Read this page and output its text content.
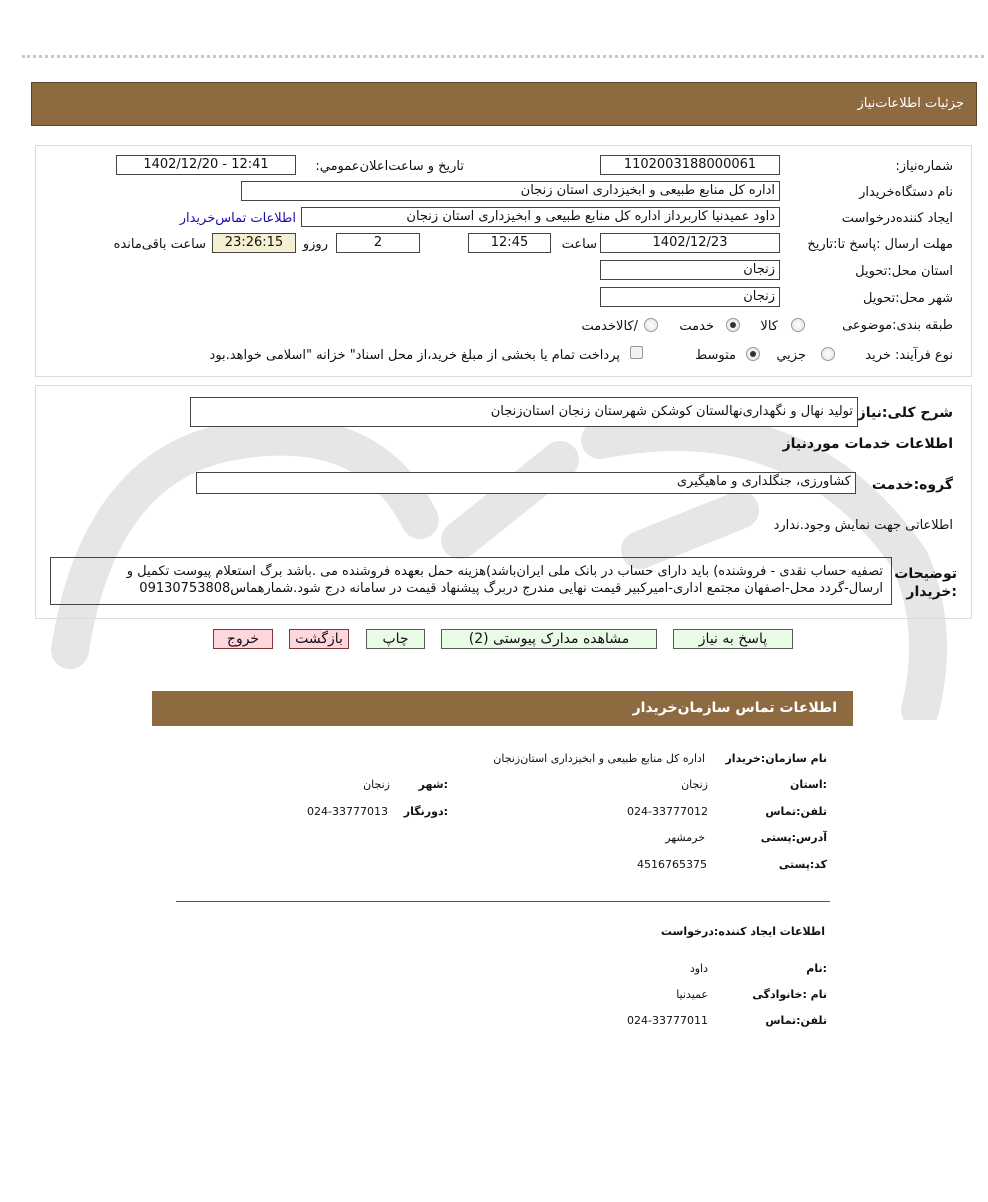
جزئیات اطلاعات‌نیاز
شماره‌نیاز:
1102003188000061
تاریخ و ساعت‌اعلان‌عمومي:
1402/12/20 - 12:41
نام دستگاه‌خریدار
اداره کل منابع طبیعی و ابخیزداری استان زنجان
ایجاد کننده‌درخواست
داود عمیدنیا کاربرداز اداره کل منابع طبیعی و ابخیزداری استان زنجان
اطلاعات تماس‌خریدار
مهلت ارسال :پاسخ تا:تاریخ
1402/12/23
ساعت
12:45
2
روزو
23:26:15
ساعت باقی‌مانده
استان محل:تحویل
زنجان
شهر محل:تحویل
زنجان
طبقه بندی:موضوعی
کالا
خدمت
/کالاخدمت
نوع فرآیند: خرید
جزيي
متوسط
پرداخت تمام یا بخشی از مبلغ خرید،از محل اسناد" خزانه "اسلامی خواهد.بود
شرح کلی:نیاز
تولید نهال و نگهداری‌نهالستان کوشکن شهرستان زنجان استان‌زنجان
اطلاعات خدمات مورد‌نیاز
گروه:خدمت
کشاورزی، جنگلداری و ماهیگیری
اطلاعاتی جهت نمایش وجود.ندارد
توضیحات
:خریدار
تصفیه حساب نقدی - فروشنده) باید دارای حساب در بانک ملی ایران‌باشد)هزینه حمل بعهده فروشنده می .باشد برگ استعلام پیوست تکمیل و
ارسال-گردد محل-اصفهان مجتمع اداری-امیرکبیر قیمت نهایی مندرج دربرگ پیشنهاد قیمت در سامانه درج شود.شمارهماس09130753808
پاسخ به نیاز
مشاهده مدارک پیوستی (2)
چاپ
بازگشت
خروج
اطلاعات تماس سازمان‌خریدار
نام سازمان:خریدار
اداره کل منابع طبیعی و ابخیزداری استان‌زنجان
:استان
زنجان
:شهر
زنجان
تلفن:تماس
024-33777012
:دورنگار
024-33777013
آدرس:پستی
خرمشهر
کد:پستی
4516765375
اطلاعات ایجاد کننده:درخواست
:نام
داود
نام :خانوادگی
عمیدنیا
تلفن:تماس
024-33777011
